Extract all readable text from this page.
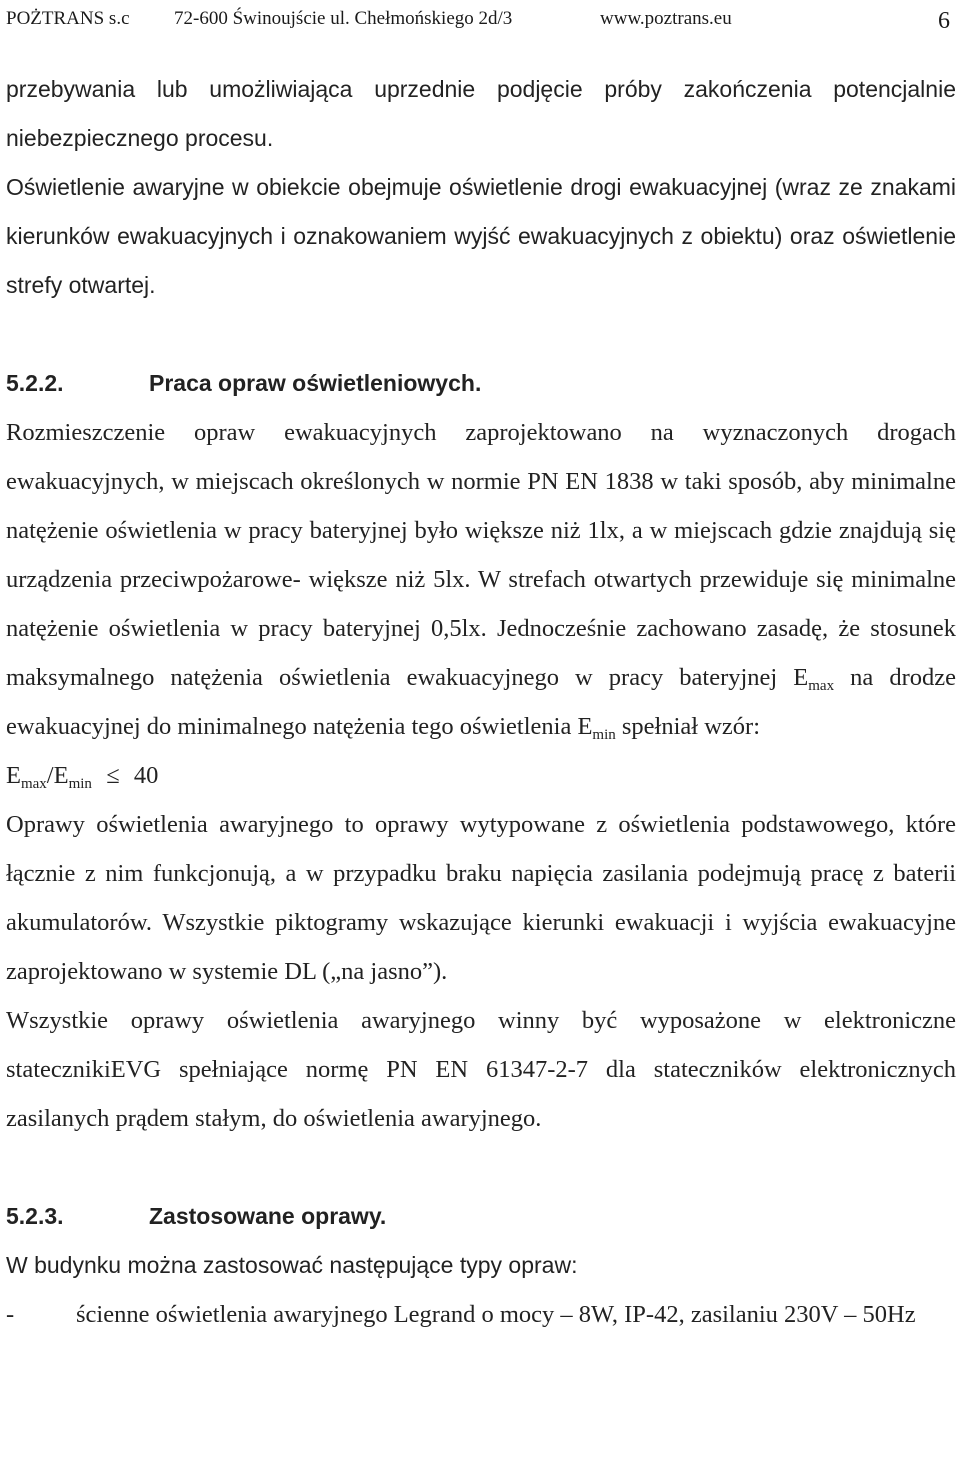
POŻTRANS s.c 72-600 Świnoujście ul. Chełmońskiego 2d/3	www.poztrans.eu	6

przebywania lub umożliwiająca uprzednie podjęcie próby zakończenia potencjalnie niebezpiecznego procesu.

Oświetlenie awaryjne w obiekcie obejmuje oświetlenie drogi ewakuacyjnej (wraz ze znakami kierunków ewakuacyjnych i oznakowaniem wyjść ewakuacyjnych z obiektu) oraz oświetlenie strefy otwartej.

5.2.2.	Praca opraw oświetleniowych.

Rozmieszczenie opraw ewakuacyjnych zaprojektowano na wyznaczonych drogach ewakuacyjnych, w miejscach określonych w normie PN EN 1838 w taki sposób, aby minimalne natężenie oświetlenia w pracy bateryjnej było większe niż 1lx, a w miejscach gdzie znajdują się urządzenia przeciwpożarowe- większe niż 5lx. W strefach otwartych przewiduje się minimalne natężenie oświetlenia w pracy bateryjnej 0,5lx. Jednocześnie zachowano zasadę, że stosunek maksymalnego natężenia oświetlenia ewakuacyjnego w pracy bateryjnej $E_{max}$ na drodze ewakuacyjnej do minimalnego natężenia tego oświetlenia $E_{min}$ spełniał wzór:

$E_{max}/E_{min} \le 40$

Oprawy oświetlenia awaryjnego to oprawy wytypowane z oświetlenia podstawowego, które łącznie z nim funkcjonują, a w przypadku braku napięcia zasilania podejmują pracę z baterii akumulatorów. Wszystkie piktogramy wskazujące kierunki ewakuacji i wyjścia ewakuacyjne zaprojektowano w systemie DL („na jasno”).

Wszystkie oprawy oświetlenia awaryjnego winny być wyposażone w elektroniczne statecznikiEVG spełniające normę PN EN 61347-2-7 dla stateczników elektronicznych zasilanych prądem stałym, do oświetlenia awaryjnego.

5.2.3.	Zastosowane oprawy.

W budynku można zastosować następujące typy opraw:

-	ścienne oświetlenia awaryjnego Legrand o mocy – 8W, IP-42, zasilaniu 230V – 50Hz
